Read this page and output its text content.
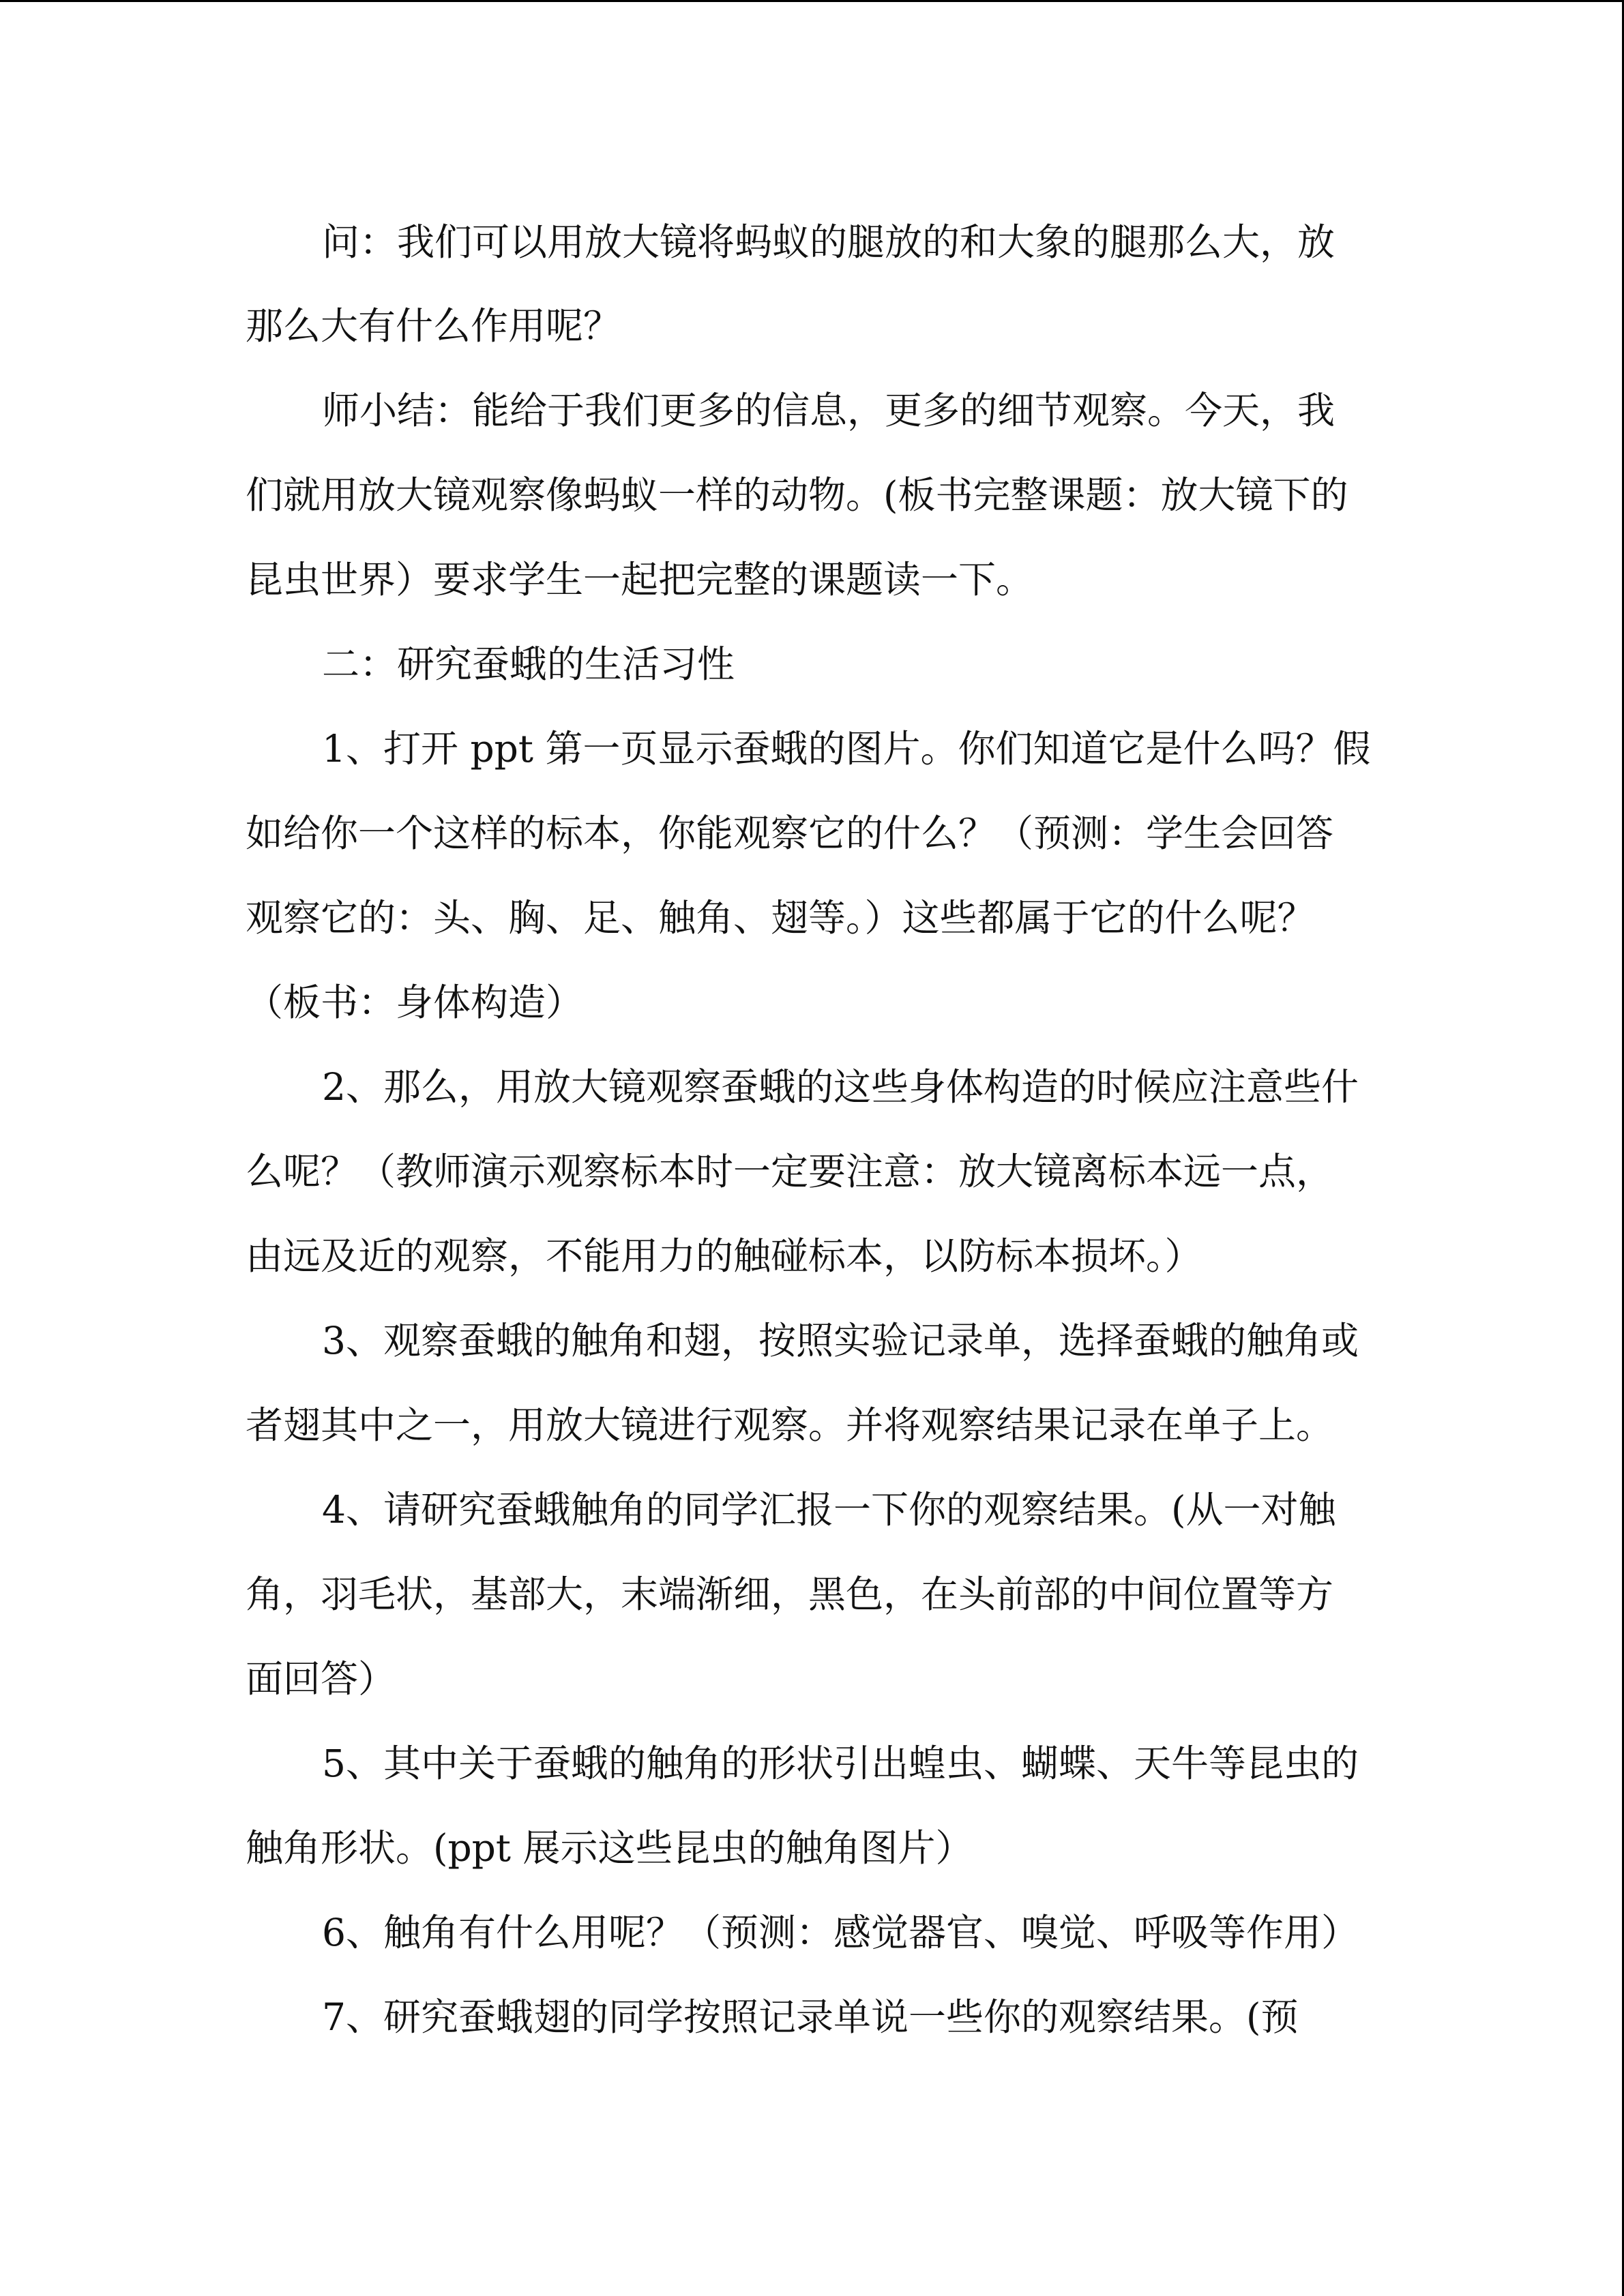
问：我们可以用放大镜将蚂蚁的腿放的和大象的腿那么大，放
那么大有什么作用呢？
师小结：能给于我们更多的信息，更多的细节观察。今天，我
们就用放大镜观察像蚂蚁一样的动物。(板书完整课题：放大镜下的
昆虫世界）要求学生一起把完整的课题读一下。
二：研究蚕蛾的生活习性
1、打开 ppt 第一页显示蚕蛾的图片。你们知道它是什么吗？假
如给你一个这样的标本，你能观察它的什么？（预测：学生会回答
观察它的：头、胸、足、触角、翅等。）这些都属于它的什么呢？
（板书：身体构造）
2、那么，用放大镜观察蚕蛾的这些身体构造的时候应注意些什
么呢？（教师演示观察标本时一定要注意：放大镜离标本远一点，
由远及近的观察，不能用力的触碰标本，以防标本损坏。）
3、观察蚕蛾的触角和翅，按照实验记录单，选择蚕蛾的触角或
者翅其中之一，用放大镜进行观察。并将观察结果记录在单子上。
4、请研究蚕蛾触角的同学汇报一下你的观察结果。(从一对触
角，羽毛状，基部大，末端渐细，黑色，在头前部的中间位置等方
面回答）
5、其中关于蚕蛾的触角的形状引出蝗虫、蝴蝶、天牛等昆虫的
触角形状。(ppt 展示这些昆虫的触角图片）
6、触角有什么用呢？（预测：感觉器官、嗅觉、呼吸等作用）
7、研究蚕蛾翅的同学按照记录单说一些你的观察结果。(预
